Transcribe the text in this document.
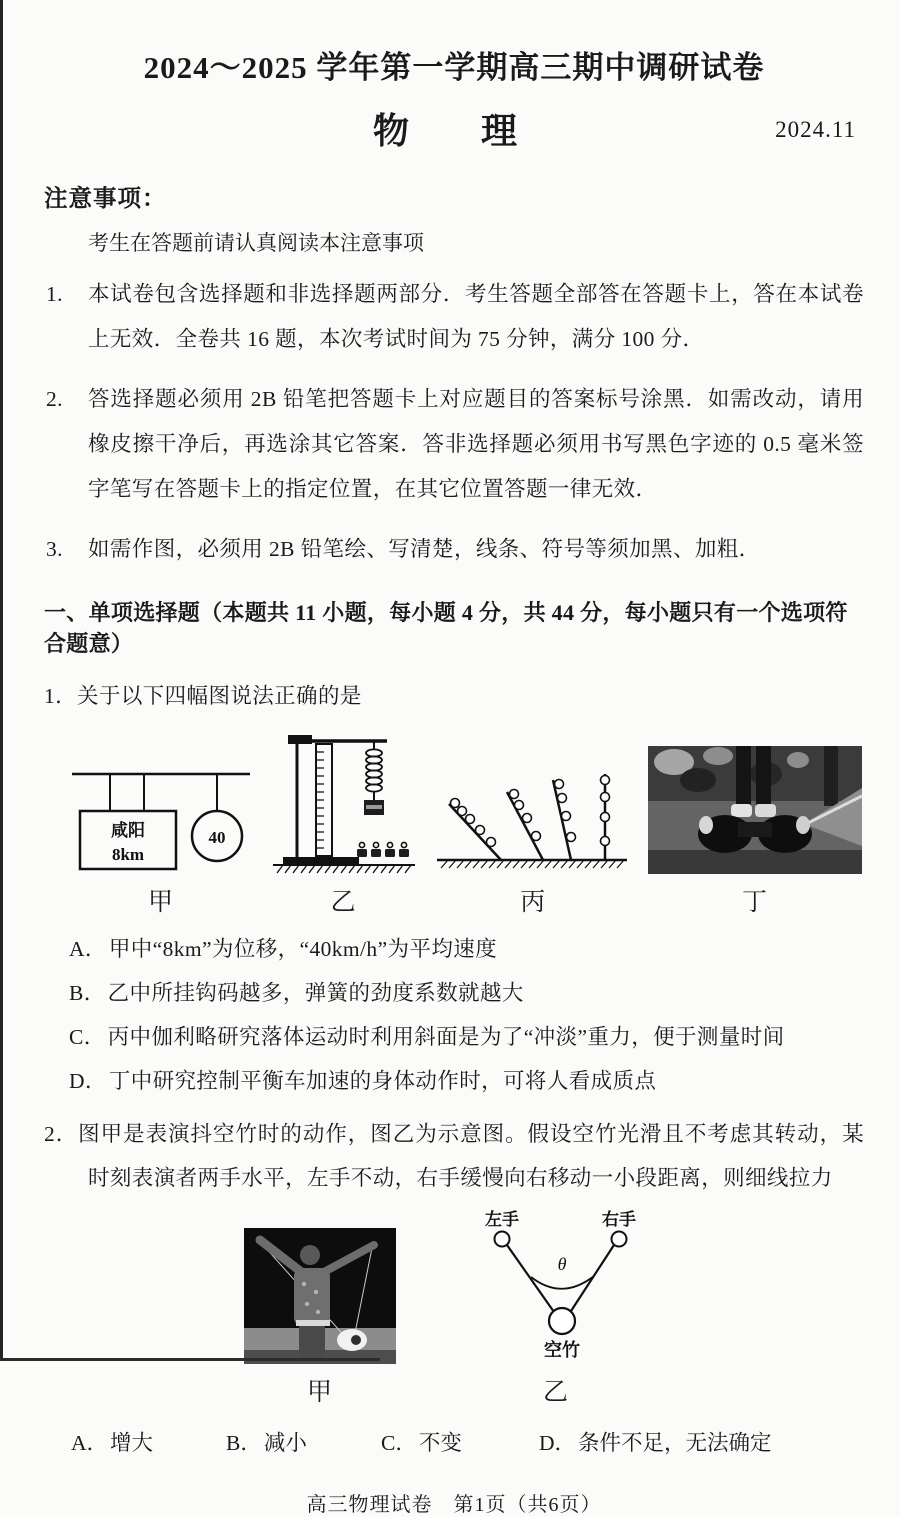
2024～2025 学年第一学期高三期中调研试卷
物　理	2024.11
注意事项：
考生在答题前请认真阅读本注意事项
1. 本试卷包含选择题和非选择题两部分．考生答题全部答在答题卡上，答在本试卷上无效．全卷共 16 题，本次考试时间为 75 分钟，满分 100 分．
2. 答选择题必须用 2B 铅笔把答题卡上对应题目的答案标号涂黑．如需改动，请用橡皮擦干净后，再选涂其它答案．答非选择题必须用书写黑色字迹的 0.5 毫米签字笔写在答题卡上的指定位置，在其它位置答题一律无效．
3. 如需作图，必须用 2B 铅笔绘、写清楚，线条、符号等须加黑、加粗．
一、单项选择题（本题共 11 小题，每小题 4 分，共 44 分，每小题只有一个选项符合题意）
1．关于以下四幅图说法正确的是
咸阳
8km
40
甲	乙	丙	丁
A．甲中“8km”为位移，“40km/h”为平均速度
B．乙中所挂钩码越多，弹簧的劲度系数就越大
C．丙中伽利略研究落体运动时利用斜面是为了“冲淡”重力，便于测量时间
D．丁中研究控制平衡车加速的身体动作时，可将人看成质点
2．图甲是表演抖空竹时的动作，图乙为示意图。假设空竹光滑且不考虑其转动，某时刻表演者两手水平，左手不动，右手缓慢向右移动一小段距离，则细线拉力
甲
左手	右手
θ
空竹
乙
A．增大	B．减小	C．不变	D．条件不足，无法确定
高三物理试卷　第1页（共6页）
